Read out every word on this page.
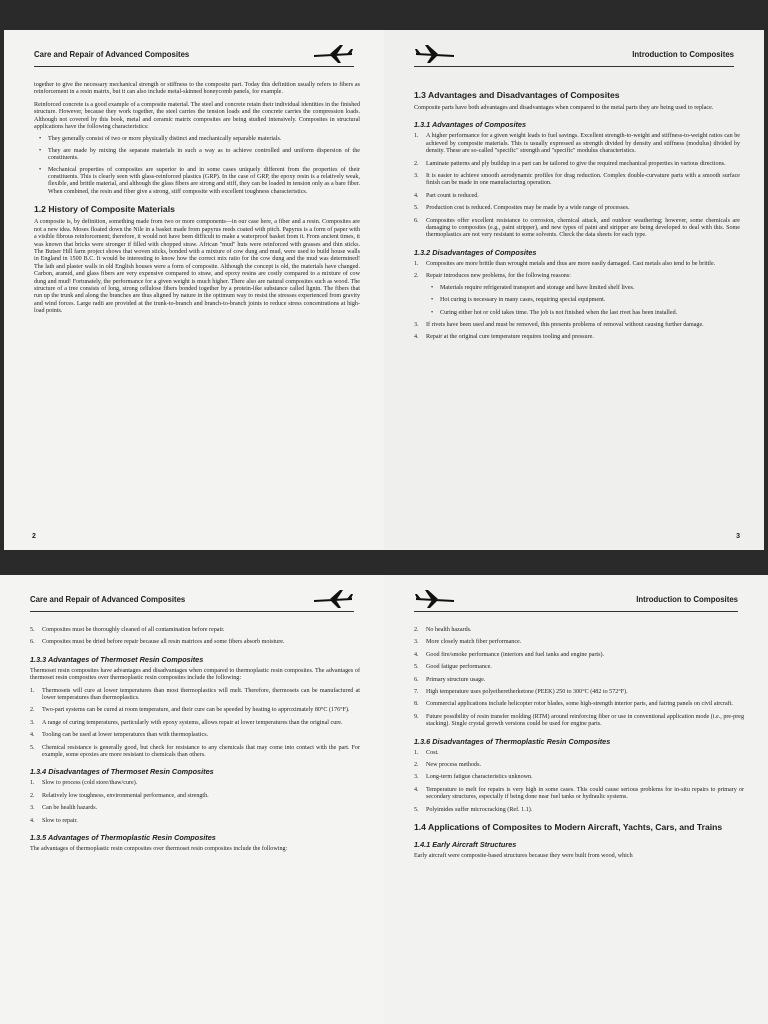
Care and Repair of Advanced Composites

together to give the necessary mechanical strength or stiffness to the composite part. Today this definition usually refers to fibers as reinforcement in a resin matrix, but it can also include metal-skinned honeycomb panels, for example.

Reinforced concrete is a good example of a composite material. The steel and concrete retain their individual identities in the finished structure. However, because they work together, the steel carries the tension loads and the concrete carries the compression loads. Although not covered by this book, metal and ceramic matrix composites are being studied intensively. Composites in structural applications have the following characteristics:

• They generally consist of two or more physically distinct and mechanically separable materials.
• They are made by mixing the separate materials in such a way as to achieve controlled and uniform dispersion of the constituents.
• Mechanical properties of composites are superior to and in some cases uniquely different from the properties of their constituents. This is clearly seen with glass-reinforced plastics (GRP). In the case of GRP, the epoxy resin is a relatively weak, flexible, and brittle material, and although the glass fibers are strong and stiff, they can be loaded in tension only as a bare fiber. When combined, the resin and fiber give a strong, stiff composite with excellent toughness characteristics.
1.2 History of Composite Materials

A composite is, by definition, something made from two or more components—in our case here, a fiber and a resin. Composites are not a new idea. Moses floated down the Nile in a basket made from papyrus reeds coated with pitch. Papyrus is a form of paper with a visible fibrous reinforcement; therefore, it would not have been difficult to make a waterproof basket from it. From ancient times, it was known that bricks were stronger if filled with chopped straw. African "mud" huts were reinforced with grasses and thin sticks. The Butser Hill farm project shows that woven sticks, bonded with a mixture of cow dung and mud, were used to build house walls in England in 1500 B.C. It would be interesting to know how the correct mix ratio for the cow dung and the mud was determined! The lath and plaster walls in old English houses were a form of composite. Although the concept is old, the materials have changed. Carbon, aramid, and glass fibers are very expensive compared to straw, and epoxy resins are costly compared to a mixture of cow dung and mud! Fortunately, the performance for a given weight is much higher. There also are natural composites such as wood. The structure of a tree consists of long, strong cellulose fibers bonded together by a protein-like substance called lignin. The fibers that run up the trunk and along the branches are thus aligned by nature in the optimum way to resist the stresses experienced from gravity and wind forces. Large radii are provided at the trunk-to-branch and branch-to-branch joints to reduce stress concentrations at high-load points.

2
Introduction to Composites
1.3 Advantages and Disadvantages of Composites

Composite parts have both advantages and disadvantages when compared to the metal parts they are being used to replace.

1.3.1 Advantages of Composites
1. A higher performance for a given weight leads to fuel savings. Excellent strength-to-weight and stiffness-to-weight ratios can be achieved by composite materials. This is usually expressed as strength divided by density and stiffness (modulus) divided by density. These are so-called "specific" strength and "specific" modulus characteristics.
2. Laminate patterns and ply buildup in a part can be tailored to give the required mechanical properties in various directions.
3. It is easier to achieve smooth aerodynamic profiles for drag reduction. Complex double-curvature parts with a smooth surface finish can be made in one manufacturing operation.
4. Part count is reduced.
5. Production cost is reduced. Composites may be made by a wide range of processes.
6. Composites offer excellent resistance to corrosion, chemical attack, and outdoor weathering; however, some chemicals are damaging to composites (e.g., paint stripper), and new types of paint and stripper are being developed to deal with this. Some thermoplastics are not very resistant to some solvents. Check the data sheets for each type.
1.3.2 Disadvantages of Composites
1. Composites are more brittle than wrought metals and thus are more easily damaged. Cast metals also tend to be brittle.
2. Repair introduces new problems, for the following reasons:
• Materials require refrigerated transport and storage and have limited shelf lives.
• Hot curing is necessary in many cases, requiring special equipment.
• Curing either hot or cold takes time. The job is not finished when the last rivet has been installed.
3. If rivets have been used and must be removed, this presents problems of removal without causing further damage.
4. Repair at the original cure temperature requires tooling and pressure.
3
Care and Repair of Advanced Composites
5. Composites must be thoroughly cleaned of all contamination before repair.
6. Composites must be dried before repair because all resin matrices and some fibers absorb moisture.
1.3.3 Advantages of Thermoset Resin Composites

Thermoset resin composites have advantages and disadvantages when compared to thermoplastic resin composites. The advantages of thermoset resin composites over thermoplastic resin composites include the following:

1. Thermosets will cure at lower temperatures than most thermoplastics will melt. Therefore, thermosets can be manufactured at lower temperatures than thermoplastics.
2. Two-part systems can be cured at room temperature, and their cure can be speeded by heating to approximately 80°C (176°F).
3. A range of curing temperatures, particularly with epoxy systems, allows repair at lower temperatures than the original cure.
4. Tooling can be used at lower temperatures than with thermoplastics.
5. Chemical resistance is generally good, but check for resistance to any chemicals that may come into contact with the part. For example, some epoxies are more resistant to chemicals than others.
1.3.4 Disadvantages of Thermoset Resin Composites
1. Slow to process (cold store/thaw/cure).
2. Relatively low toughness, environmental performance, and strength.
3. Can be health hazards.
4. Slow to repair.
1.3.5 Advantages of Thermoplastic Resin Composites

The advantages of thermoplastic resin composites over thermoset resin composites include the following:

Introduction to Composites
2. No health hazards.
3. More closely match fiber performance.
4. Good fire/smoke performance (interiors and fuel tanks and engine parts).
5. Good fatigue performance.
6. Primary structure usage.
7. High temperature uses polyetheretherketone (PEEK) 250 to 300°C (482 to 572°F).
8. Commercial applications include helicopter rotor blades, some high-strength interior parts, and fairing panels on civil aircraft.
9. Future possibility of resin transfer molding (RTM) around reinforcing fiber or use in conventional application mode (i.e., pre-preg stacking). Single crystal growth versions could be used for engine parts.
1.3.6 Disadvantages of Thermoplastic Resin Composites
1. Cost.
2. New process methods.
3. Long-term fatigue characteristics unknown.
4. Temperature to melt for repairs is very high in some cases. This could cause serious problems for in-situ repairs to primary or secondary structures, especially if being done near fuel tanks or hydraulic systems.
5. Polyimides suffer microcracking (Ref. 1.1).
1.4 Applications of Composites to Modern Aircraft, Yachts, Cars, and Trains
1.4.1 Early Aircraft Structures

Early aircraft were composite-based structures because they were built from wood, which
